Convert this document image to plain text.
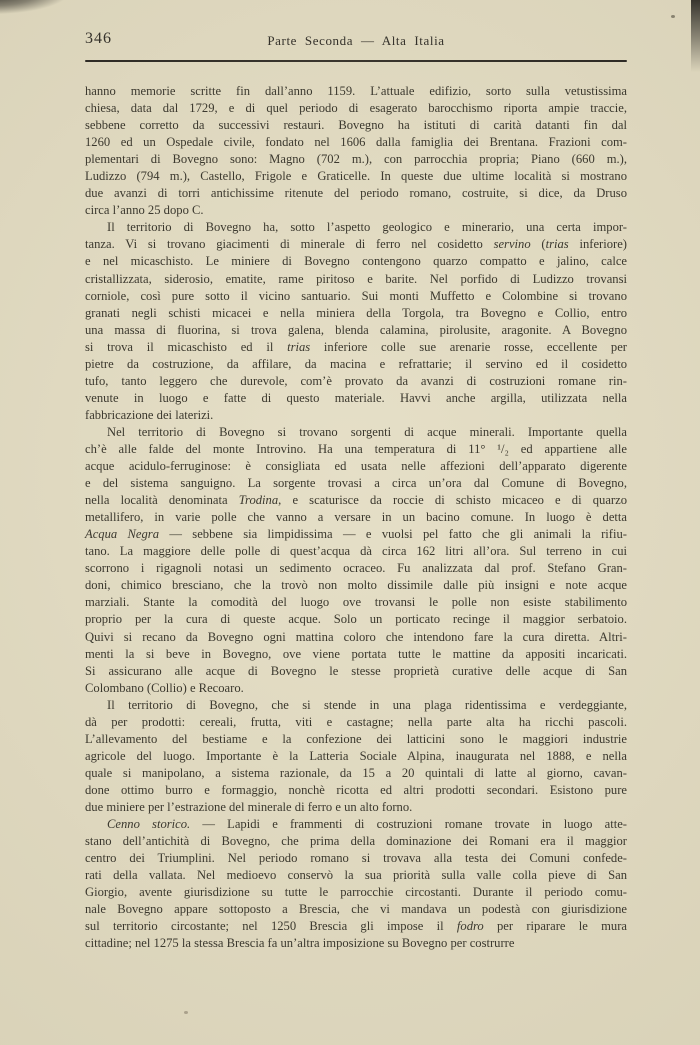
346	Parte Seconda — Alta Italia
hanno memorie scritte fin dall’anno 1159. L’attuale edifizio, sorto sulla vetustissima
chiesa, data dal 1729, e di quel periodo di esagerato barocchismo riporta ampie traccie,
sebbene corretto da successivi restauri. Bovegno ha istituti di carità datanti fin dal
1260 ed un Ospedale civile, fondato nel 1606 dalla famiglia dei Brentana. Frazioni com-
plementari di Bovegno sono: Magno (702 m.), con parrocchia propria; Piano (660 m.),
Ludizzo (794 m.), Castello, Frigole e Graticelle. In queste due ultime località si mostrano
due avanzi di torri antichissime ritenute del periodo romano, costruite, si dice, da Druso
circa l’anno 25 dopo C.
Il territorio di Bovegno ha, sotto l’aspetto geologico e minerario, una certa impor-
tanza. Vi si trovano giacimenti di minerale di ferro nel cosidetto servino (trias inferiore)
e nel micaschisto. Le miniere di Bovegno contengono quarzo compatto e jalino, calce
cristallizzata, siderosio, ematite, rame piritoso e barite. Nel porfido di Ludizzo trovansi
corniole, così pure sotto il vicino santuario. Sui monti Muffetto e Colombine si trovano
granati negli schisti micacei e nella miniera della Torgola, tra Bovegno e Collio, entro
una massa di fluorina, si trova galena, blenda calamina, pirolusite, aragonite. A Bovegno
si trova il micaschisto ed il trias inferiore colle sue arenarie rosse, eccellente per
pietre da costruzione, da affilare, da macina e refrattarie; il servino ed il cosidetto
tufo, tanto leggero che durevole, com’è provato da avanzi di costruzioni romane rin-
venute in luogo e fatte di questo materiale. Havvi anche argilla, utilizzata nella
fabbricazione dei laterizi.
Nel territorio di Bovegno si trovano sorgenti di acque minerali. Importante quella
ch’è alle falde del monte Introvino. Ha una temperatura di 11° ¹/₂ ed appartiene alle
acque acidulo-ferruginose: è consigliata ed usata nelle affezioni dell’apparato digerente
e del sistema sanguigno. La sorgente trovasi a circa un’ora dal Comune di Bovegno,
nella località denominata Trodina, e scaturisce da roccie di schisto micaceo e di quarzo
metallifero, in varie polle che vanno a versare in un bacino comune. In luogo è detta
Acqua Negra — sebbene sia limpidissima — e vuolsi pel fatto che gli animali la rifiu-
tano. La maggiore delle polle di quest’acqua dà circa 162 litri all’ora. Sul terreno in cui
scorrono i rigagnoli notasi un sedimento ocraceo. Fu analizzata dal prof. Stefano Gran-
doni, chimico bresciano, che la trovò non molto dissimile dalle più insigni e note acque
marziali. Stante la comodità del luogo ove trovansi le polle non esiste stabilimento
proprio per la cura di queste acque. Solo un porticato recinge il maggior serbatoio.
Quivi si recano da Bovegno ogni mattina coloro che intendono fare la cura diretta. Altri-
menti la si beve in Bovegno, ove viene portata tutte le mattine da appositi incaricati.
Si assicurano alle acque di Bovegno le stesse proprietà curative delle acque di San
Colombano (Collio) e Recoaro.
Il territorio di Bovegno, che si stende in una plaga ridentissima e verdeggiante,
dà per prodotti: cereali, frutta, viti e castagne; nella parte alta ha ricchi pascoli.
L’allevamento del bestiame e la confezione dei latticini sono le maggiori industrie
agricole del luogo. Importante è la Latteria Sociale Alpina, inaugurata nel 1888, e nella
quale si manipolano, a sistema razionale, da 15 a 20 quintali di latte al giorno, cavan-
done ottimo burro e formaggio, nonchè ricotta ed altri prodotti secondari. Esistono pure
due miniere per l’estrazione del minerale di ferro e un alto forno.
Cenno storico. — Lapidi e frammenti di costruzioni romane trovate in luogo atte-
stano dell’antichità di Bovegno, che prima della dominazione dei Romani era il maggior
centro dei Triumplini. Nel periodo romano si trovava alla testa dei Comuni confede-
rati della vallata. Nel medioevo conservò la sua priorità sulla valle colla pieve di San
Giorgio, avente giurisdizione su tutte le parrocchie circostanti. Durante il periodo comu-
nale Bovegno appare sottoposto a Brescia, che vi mandava un podestà con giurisdizione
sul territorio circostante; nel 1250 Brescia gli impose il fodro per riparare le mura
cittadine; nel 1275 la stessa Brescia fa un’altra imposizione su Bovegno per costrurre
